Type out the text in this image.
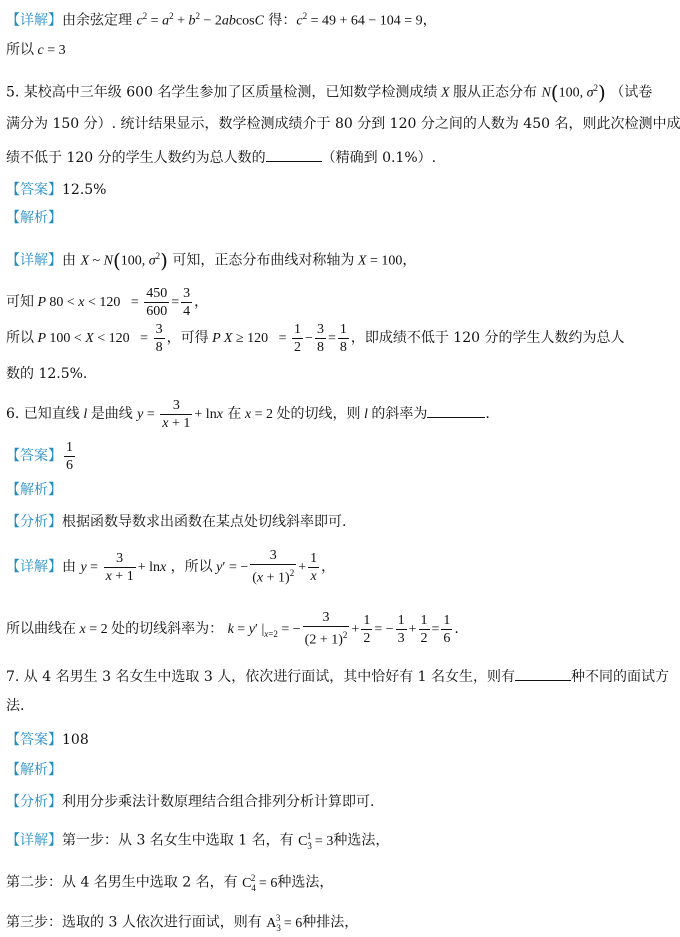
【详解】由余弦定理 $c^2 = a^2 + b^2 - 2abcosC$ 得：$c^2 = 49 + 64 - 104 = 9$，
所以 c = 3
5. 某校高中三年级 600 名学生参加了区质量检测，已知数学检测成绩 X 服从正态分布 N(100, $\sigma^2$) （试卷
满分为 150 分）. 统计结果显示，数学检测成绩介于 80 分到 120 分之间的人数为 450 名，则此次检测中成
绩不低于 120 分的学生人数约为总人数的	（精确到 0.1%）.
【答案】12.5%
【解析】
【详解】由 X ~ N(100, $\sigma^2$) 可知，正态分布曲线对称轴为 X = 100，
可知 P $80 < x < 120 = \frac{450}{600} = \frac{3}{4}$ ，
所以 P $100 < X < 120 = \frac{3}{8}$ ，可得 P $X \ge 120 = \frac{1}{2} - \frac{3}{8} = \frac{1}{8}$ ，即成绩不低于 120 分的学生人数约为总人
数的 12.5%.
6. 已知直线 l 是曲线 $y = \frac{3}{x + 1} + \ln x$ 在 x = 2 处的切线，则 l 的斜率为	.
【答案】 $\frac{1}{6}$
【解析】
【分析】根据函数导数求出函数在某点处切线斜率即可.
【详解】由 $y = \frac{3}{x + 1} + \ln x$ ，所以 y′ = − $\frac{3}{(x + 1)^2} + \frac{1}{x}$ ，
所以曲线在 x = 2 处的切线斜率为： k = y′ $|_{x=2}$ = − $\frac{3}{(2 + 1)^2} + \frac{1}{2}$ = − $\frac{1}{3} + \frac{1}{2} = \frac{1}{6}$ .
7. 从 4 名男生 3 名女生中选取 3 人，依次进行面试，其中恰好有 1 名女生，则有	种不同的面试方
法.
【答案】108
【解析】
【分析】利用分步乘法计数原理结合组合排列分析计算即可.
【详解】第一步：从 3 名女生中选取 1 名，有 $C_3^1 = 3$种选法，
第二步：从 4 名男生中选取 2 名，有 $C_4^2 = 6$种选法，
第三步：选取的 3 人依次进行面试，则有 $A_3^3 = 6$种排法，
